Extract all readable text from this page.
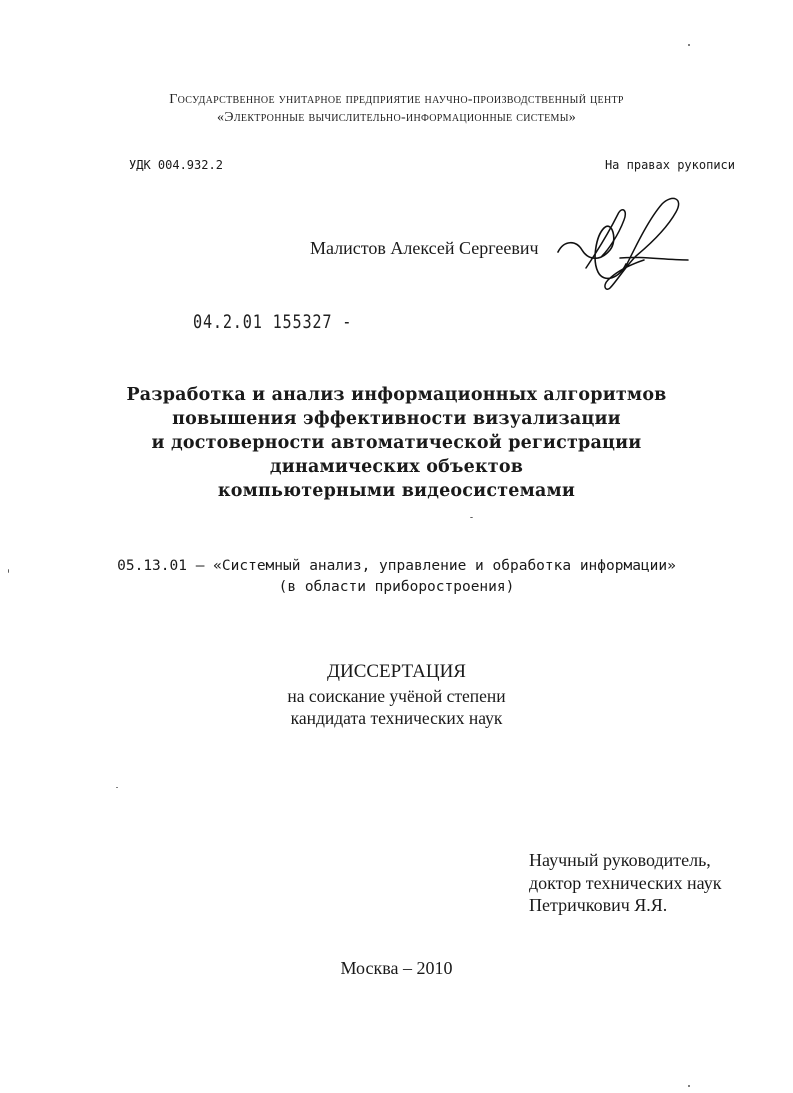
Государственное унитарное предприятие научно-производственный центр
«Электронные вычислительно-информационные системы»
УДК 004.932.2	На правах рукописи
Малистов Алексей Сергеевич
04.2.01 155327 -
Разработка и анализ информационных алгоритмов
повышения эффективности визуализации
и достоверности автоматической регистрации
динамических объектов
компьютерными видеосистемами
05.13.01 – «Системный анализ, управление и обработка информации»
(в области приборостроения)
ДИССЕРТАЦИЯ
на соискание учёной степени
кандидата технических наук
Научный руководитель,
доктор технических наук
Петричкович Я.Я.
Москва – 2010
